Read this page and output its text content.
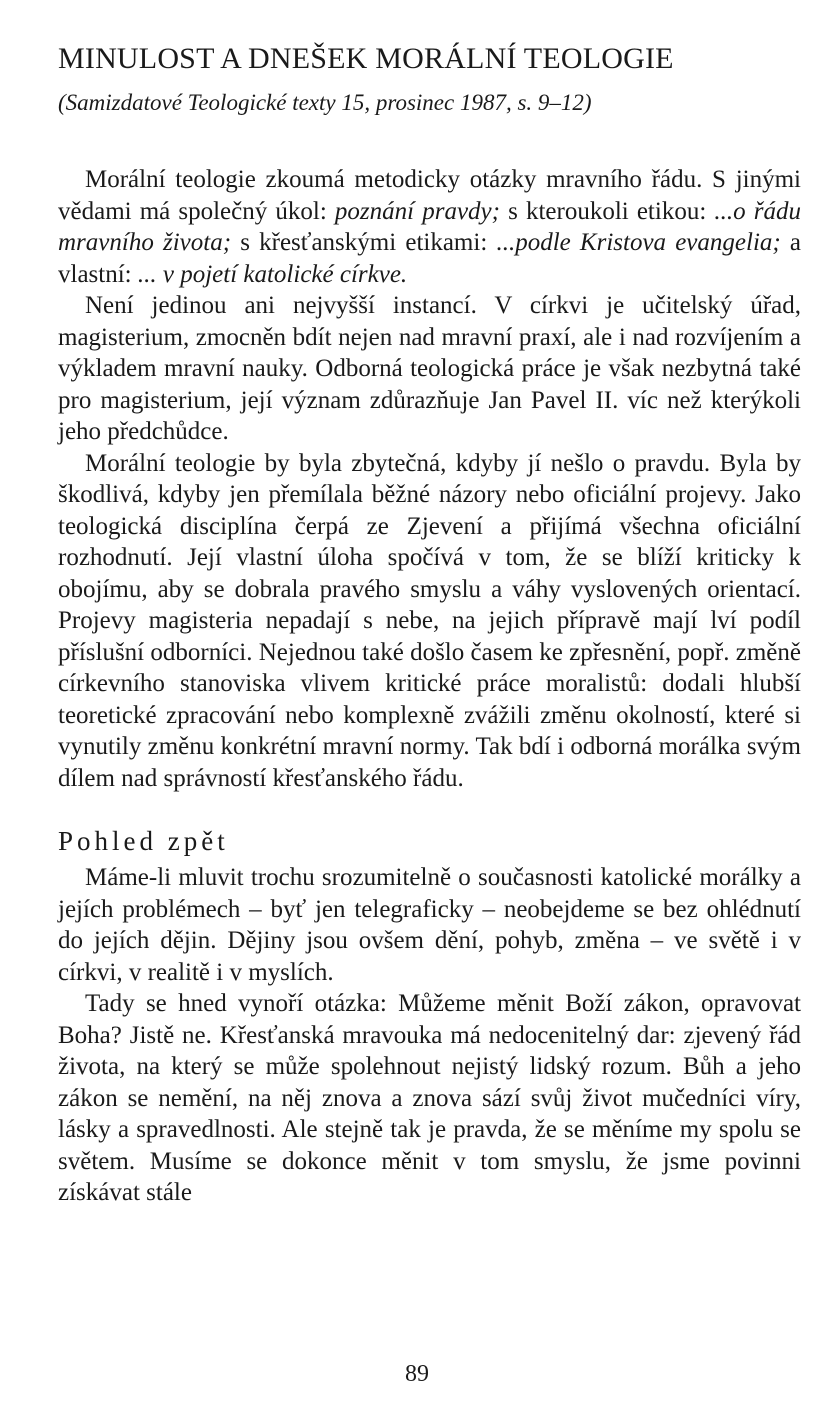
MINULOST A DNEŠEK MORÁLNÍ TEOLOGIE
(Samizdatové Teologické texty 15, prosinec 1987, s. 9–12)

Morální teologie zkoumá metodicky otázky mravního řádu. S jinými vědami má společný úkol: poznání pravdy; s kteroukoli etikou: ...o řádu mravního života; s křesťanskými etikami: ...podle Kristova evangelia; a vlastní: ... v pojetí katolické církve.

Není jedinou ani nejvyšší instancí. V církvi je učitelský úřad, magisterium, zmocněn bdít nejen nad mravní praxí, ale i nad rozvíjením a výkladem mravní nauky. Odborná teologická práce je však nezbytná také pro magisterium, její význam zdůrazňuje Jan Pavel II. víc než kterýkoli jeho předchůdce.

Morální teologie by byla zbytečná, kdyby jí nešlo o pravdu. Byla by škodlivá, kdyby jen přemílala běžné názory nebo oficiální projevy. Jako teologická disciplína čerpá ze Zjevení a přijímá všechna oficiální rozhodnutí. Její vlastní úloha spočívá v tom, že se blíží kriticky k obojímu, aby se dobrala pravého smyslu a váhy vyslovených orientací. Projevy magisteria nepadají s nebe, na jejich přípravě mají lví podíl příslušní odborníci. Nejednou také došlo časem ke zpřesnění, popř. změně církevního stanoviska vlivem kritické práce moralistů: dodali hlubší teoretické zpracování nebo komplexně zvážili změnu okolností, které si vynutily změnu konkrétní mravní normy. Tak bdí i odborná morálka svým dílem nad správností křesťanského řádu.

Pohled zpět

Máme-li mluvit trochu srozumitelně o současnosti katolické morálky a jejích problémech – byť jen telegraficky – neobejdeme se bez ohlédnutí do jejích dějin. Dějiny jsou ovšem dění, pohyb, změna – ve světě i v církvi, v realitě i v myslích.

Tady se hned vynoří otázka: Můžeme měnit Boží zákon, opravovat Boha? Jistě ne. Křesťanská mravouka má nedocenitelný dar: zjevený řád života, na který se může spolehnout nejistý lidský rozum. Bůh a jeho zákon se nemění, na něj znova a znova sází svůj život mučedníci víry, lásky a spravedlnosti. Ale stejně tak je pravda, že se měníme my spolu se světem. Musíme se dokonce měnit v tom smyslu, že jsme povinni získávat stále

89
